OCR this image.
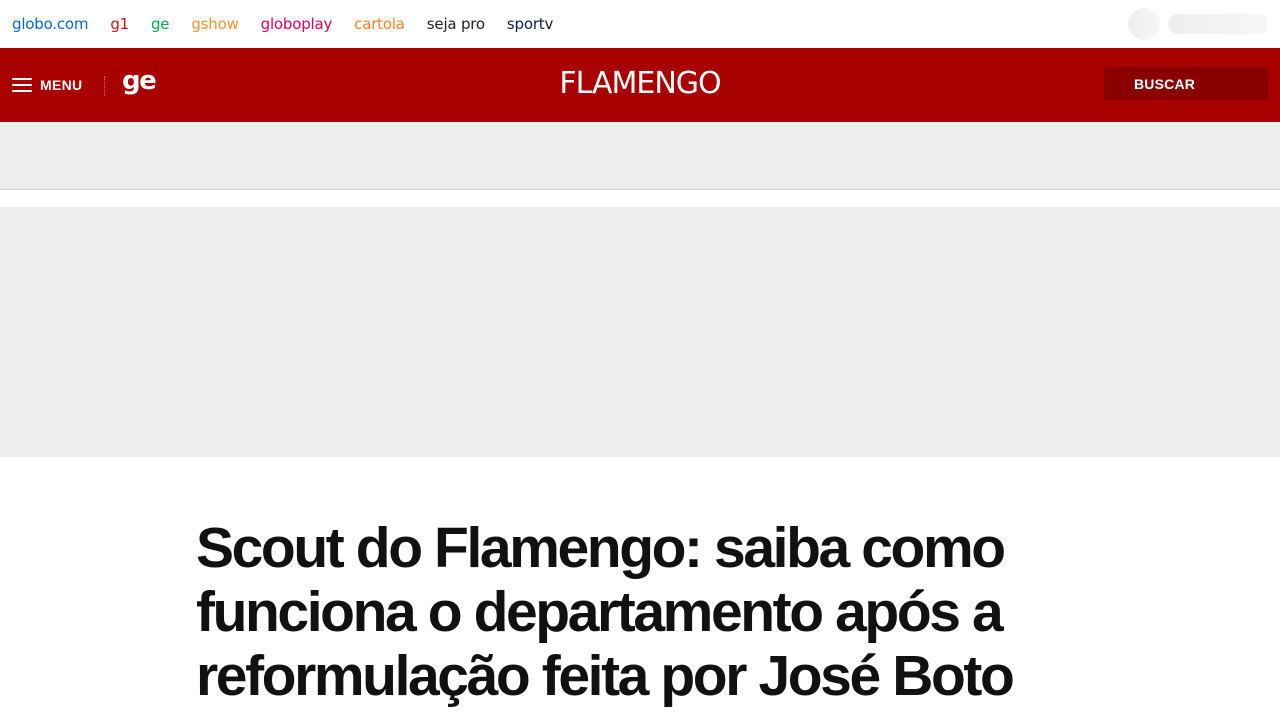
globo.com g1 ge gshow globoplay cartola seja pro sportv
MENU ge	FLAMENGO	BUSCAR
Scout do Flamengo: saiba como funciona o departamento após a reformulação feita por José Boto
